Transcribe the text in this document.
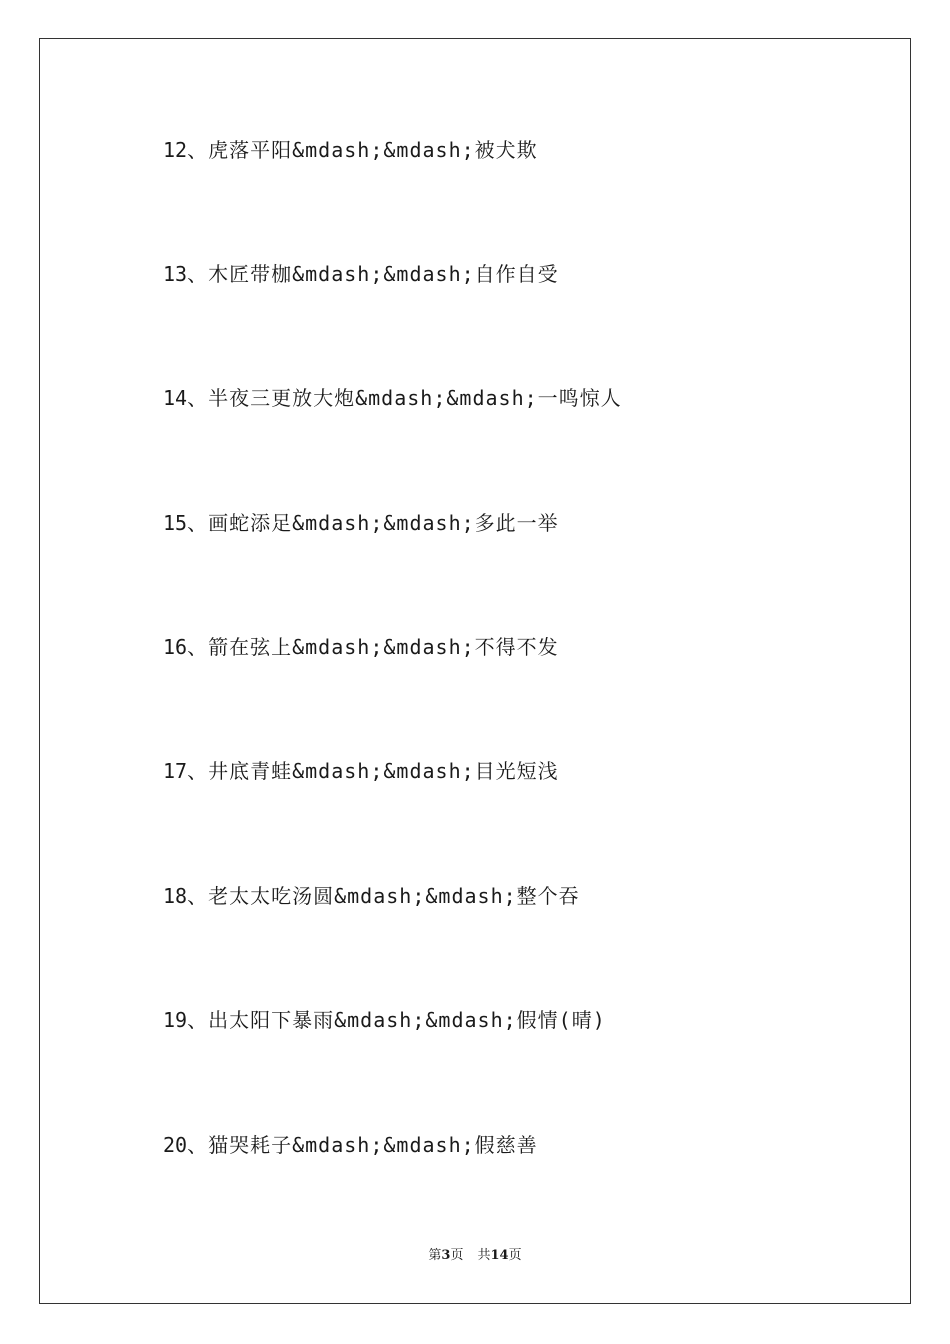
12、虎落平阳&mdash;&mdash;被犬欺
13、木匠带枷&mdash;&mdash;自作自受
14、半夜三更放大炮&mdash;&mdash;一鸣惊人
15、画蛇添足&mdash;&mdash;多此一举
16、箭在弦上&mdash;&mdash;不得不发
17、井底青蛙&mdash;&mdash;目光短浅
18、老太太吃汤圆&mdash;&mdash;整个吞
19、出太阳下暴雨&mdash;&mdash;假情(晴)
20、猫哭耗子&mdash;&mdash;假慈善
第3页 共14页
